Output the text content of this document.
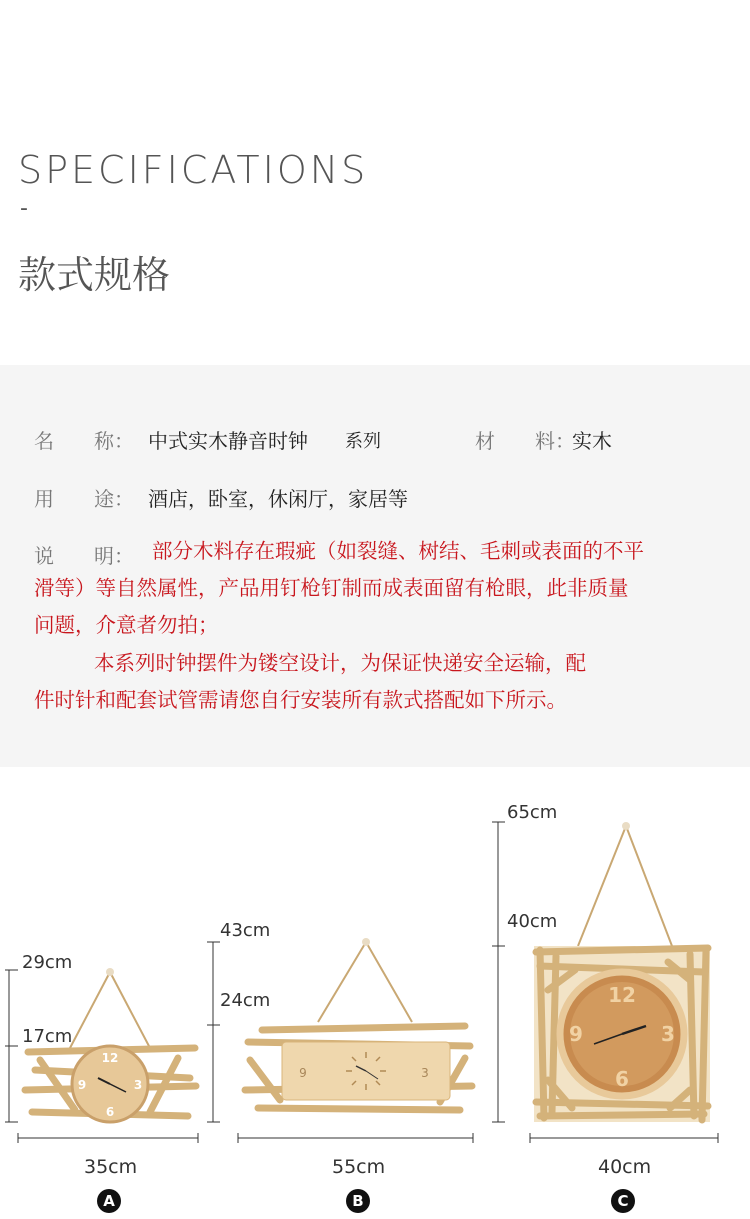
SPECIFICATIONS
-
款式规格
名　　称： 中式实木静音时钟 系列	材　　料：
实木
用　　途： 酒店，卧室，休闲厅，家居等
说　　明： 部分木料存在瑕疵（如裂缝、树结、毛刺或表面的不平
滑等）等自然属性，产品用钉枪钉制而成表面留有枪眼，此非质量
问题，介意者勿拍；
本系列时钟摆件为镂空设计，为保证快递安全运输，配
件时针和配套试管需请您自行安装所有款式搭配如下所示。
12
9	3
6
9	3
12
9	3
6
29cm
17cm
35cm
A
43cm
24cm
55cm
B
65cm
40cm
40cm
C
